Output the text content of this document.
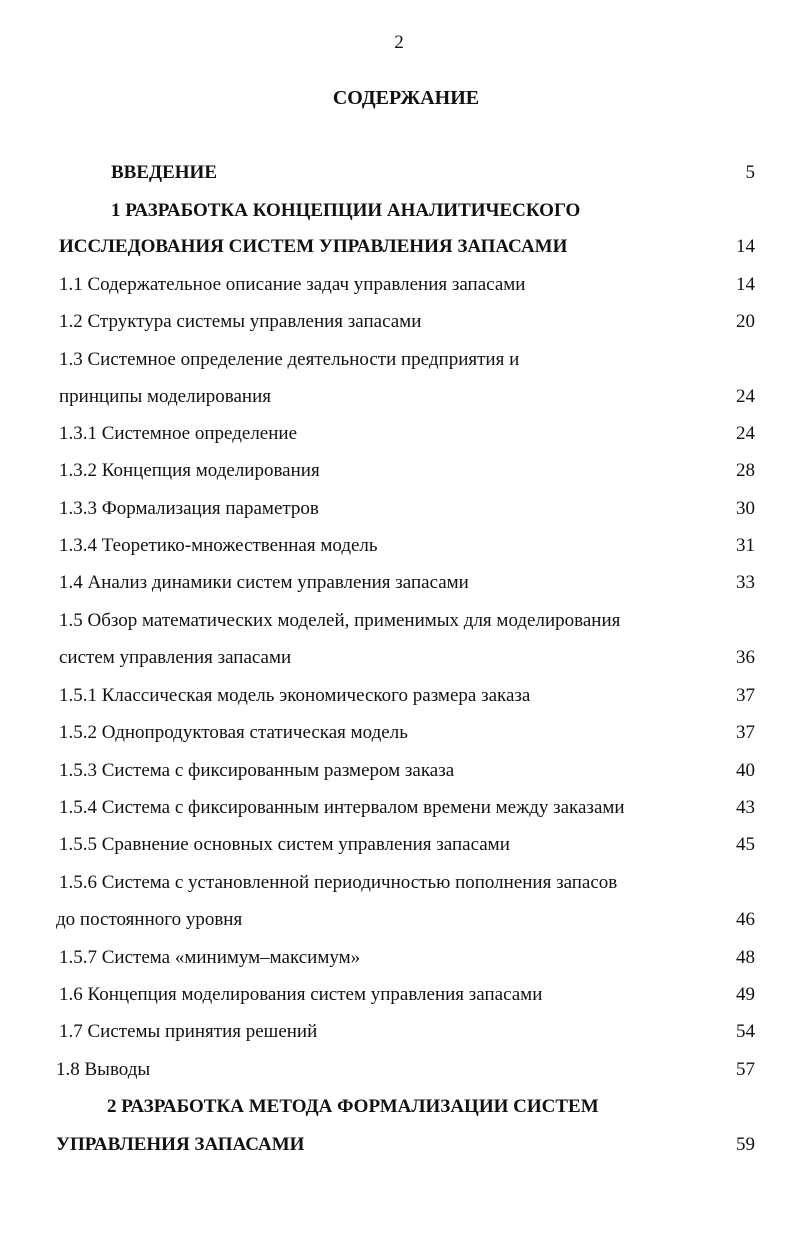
2
СОДЕРЖАНИЕ
ВВЕДЕНИЕ	5
1 РАЗРАБОТКА КОНЦЕПЦИИ АНАЛИТИЧЕСКОГО
ИССЛЕДОВАНИЯ СИСТЕМ УПРАВЛЕНИЯ ЗАПАСАМИ	14
1.1 Содержательное описание задач управления запасами	14
1.2 Структура системы управления запасами	20
1.3 Системное определение деятельности предприятия и
принципы моделирования	24
1.3.1 Системное определение	24
1.3.2 Концепция моделирования	28
1.3.3 Формализация параметров	30
1.3.4 Теоретико-множественная модель	31
1.4 Анализ динамики систем управления запасами	33
1.5 Обзор математических моделей, применимых для моделирования
систем управления запасами	36
1.5.1 Классическая модель экономического размера заказа	37
1.5.2 Однопродуктовая статическая модель	37
1.5.3 Система с фиксированным размером заказа	40
1.5.4 Система с фиксированным интервалом времени между заказами	43
1.5.5 Сравнение основных систем управления запасами	45
1.5.6 Система с установленной периодичностью пополнения запасов
до постоянного уровня	46
1.5.7 Система «минимум–максимум»	48
1.6 Концепция моделирования систем управления запасами	49
1.7 Системы принятия решений	54
1.8 Выводы	57
2 РАЗРАБОТКА МЕТОДА ФОРМАЛИЗАЦИИ СИСТЕМ
УПРАВЛЕНИЯ ЗАПАСАМИ	59
